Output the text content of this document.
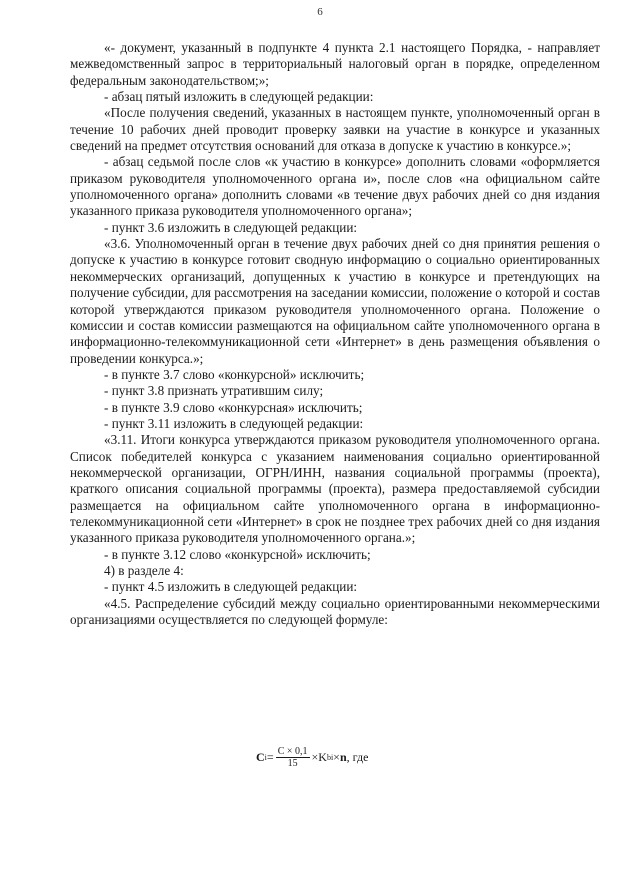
6

«- документ, указанный в подпункте 4 пункта 2.1 настоящего Порядка, - направляет межведомственный запрос в территориальный налоговый орган в порядке, определенном федеральным законодательством;»;

- абзац пятый изложить в следующей редакции:

«После получения сведений, указанных в настоящем пункте, уполномоченный орган в течение 10 рабочих дней проводит проверку заявки на участие в конкурсе и указанных сведений на предмет отсутствия оснований для отказа в допуске к участию в конкурсе.»;

- абзац седьмой после слов «к участию в конкурсе» дополнить словами «оформляется приказом руководителя уполномоченного органа и», после слов «на официальном сайте уполномоченного органа» дополнить словами «в течение двух рабочих дней со дня издания указанного приказа руководителя уполномоченного органа»;

- пункт 3.6 изложить в следующей редакции:

«3.6. Уполномоченный орган в течение двух рабочих дней со дня принятия решения о допуске к участию в конкурсе готовит сводную информацию о социально ориентированных некоммерческих организаций, допущенных к участию в конкурсе и претендующих на получение субсидии, для рассмотрения на заседании комиссии, положение о которой и состав которой утверждаются приказом руководителя уполномоченного органа. Положение о комиссии и состав комиссии размещаются на официальном сайте уполномоченного органа в информационно-телекоммуникационной сети «Интернет» в день размещения объявления о проведении конкурса.»;

- в пункте 3.7 слово «конкурсной» исключить;

- пункт 3.8 признать утратившим силу;

- в пункте 3.9 слово «конкурсная» исключить;

- пункт 3.11 изложить в следующей редакции:

«3.11. Итоги конкурса утверждаются приказом руководителя уполномоченного органа. Список победителей конкурса с указанием наименования социально ориентированной некоммерческой организации, ОГРН/ИНН, названия социальной программы (проекта), краткого описания социальной программы (проекта), размера предоставляемой субсидии размещается на официальном сайте уполномоченного органа в информационно-телекоммуникационной сети «Интернет» в срок не позднее трех рабочих дней со дня издания указанного приказа руководителя уполномоченного органа.»;

- в пункте 3.12 слово «конкурсной» исключить;

4) в разделе 4:

- пункт 4.5 изложить в следующей редакции:

«4.5. Распределение субсидий между социально ориентированными некоммерческими организациями осуществляется по следующей формуле:

C $i = \frac{C \times 0,1}{15} \times K$ bi × n , где
